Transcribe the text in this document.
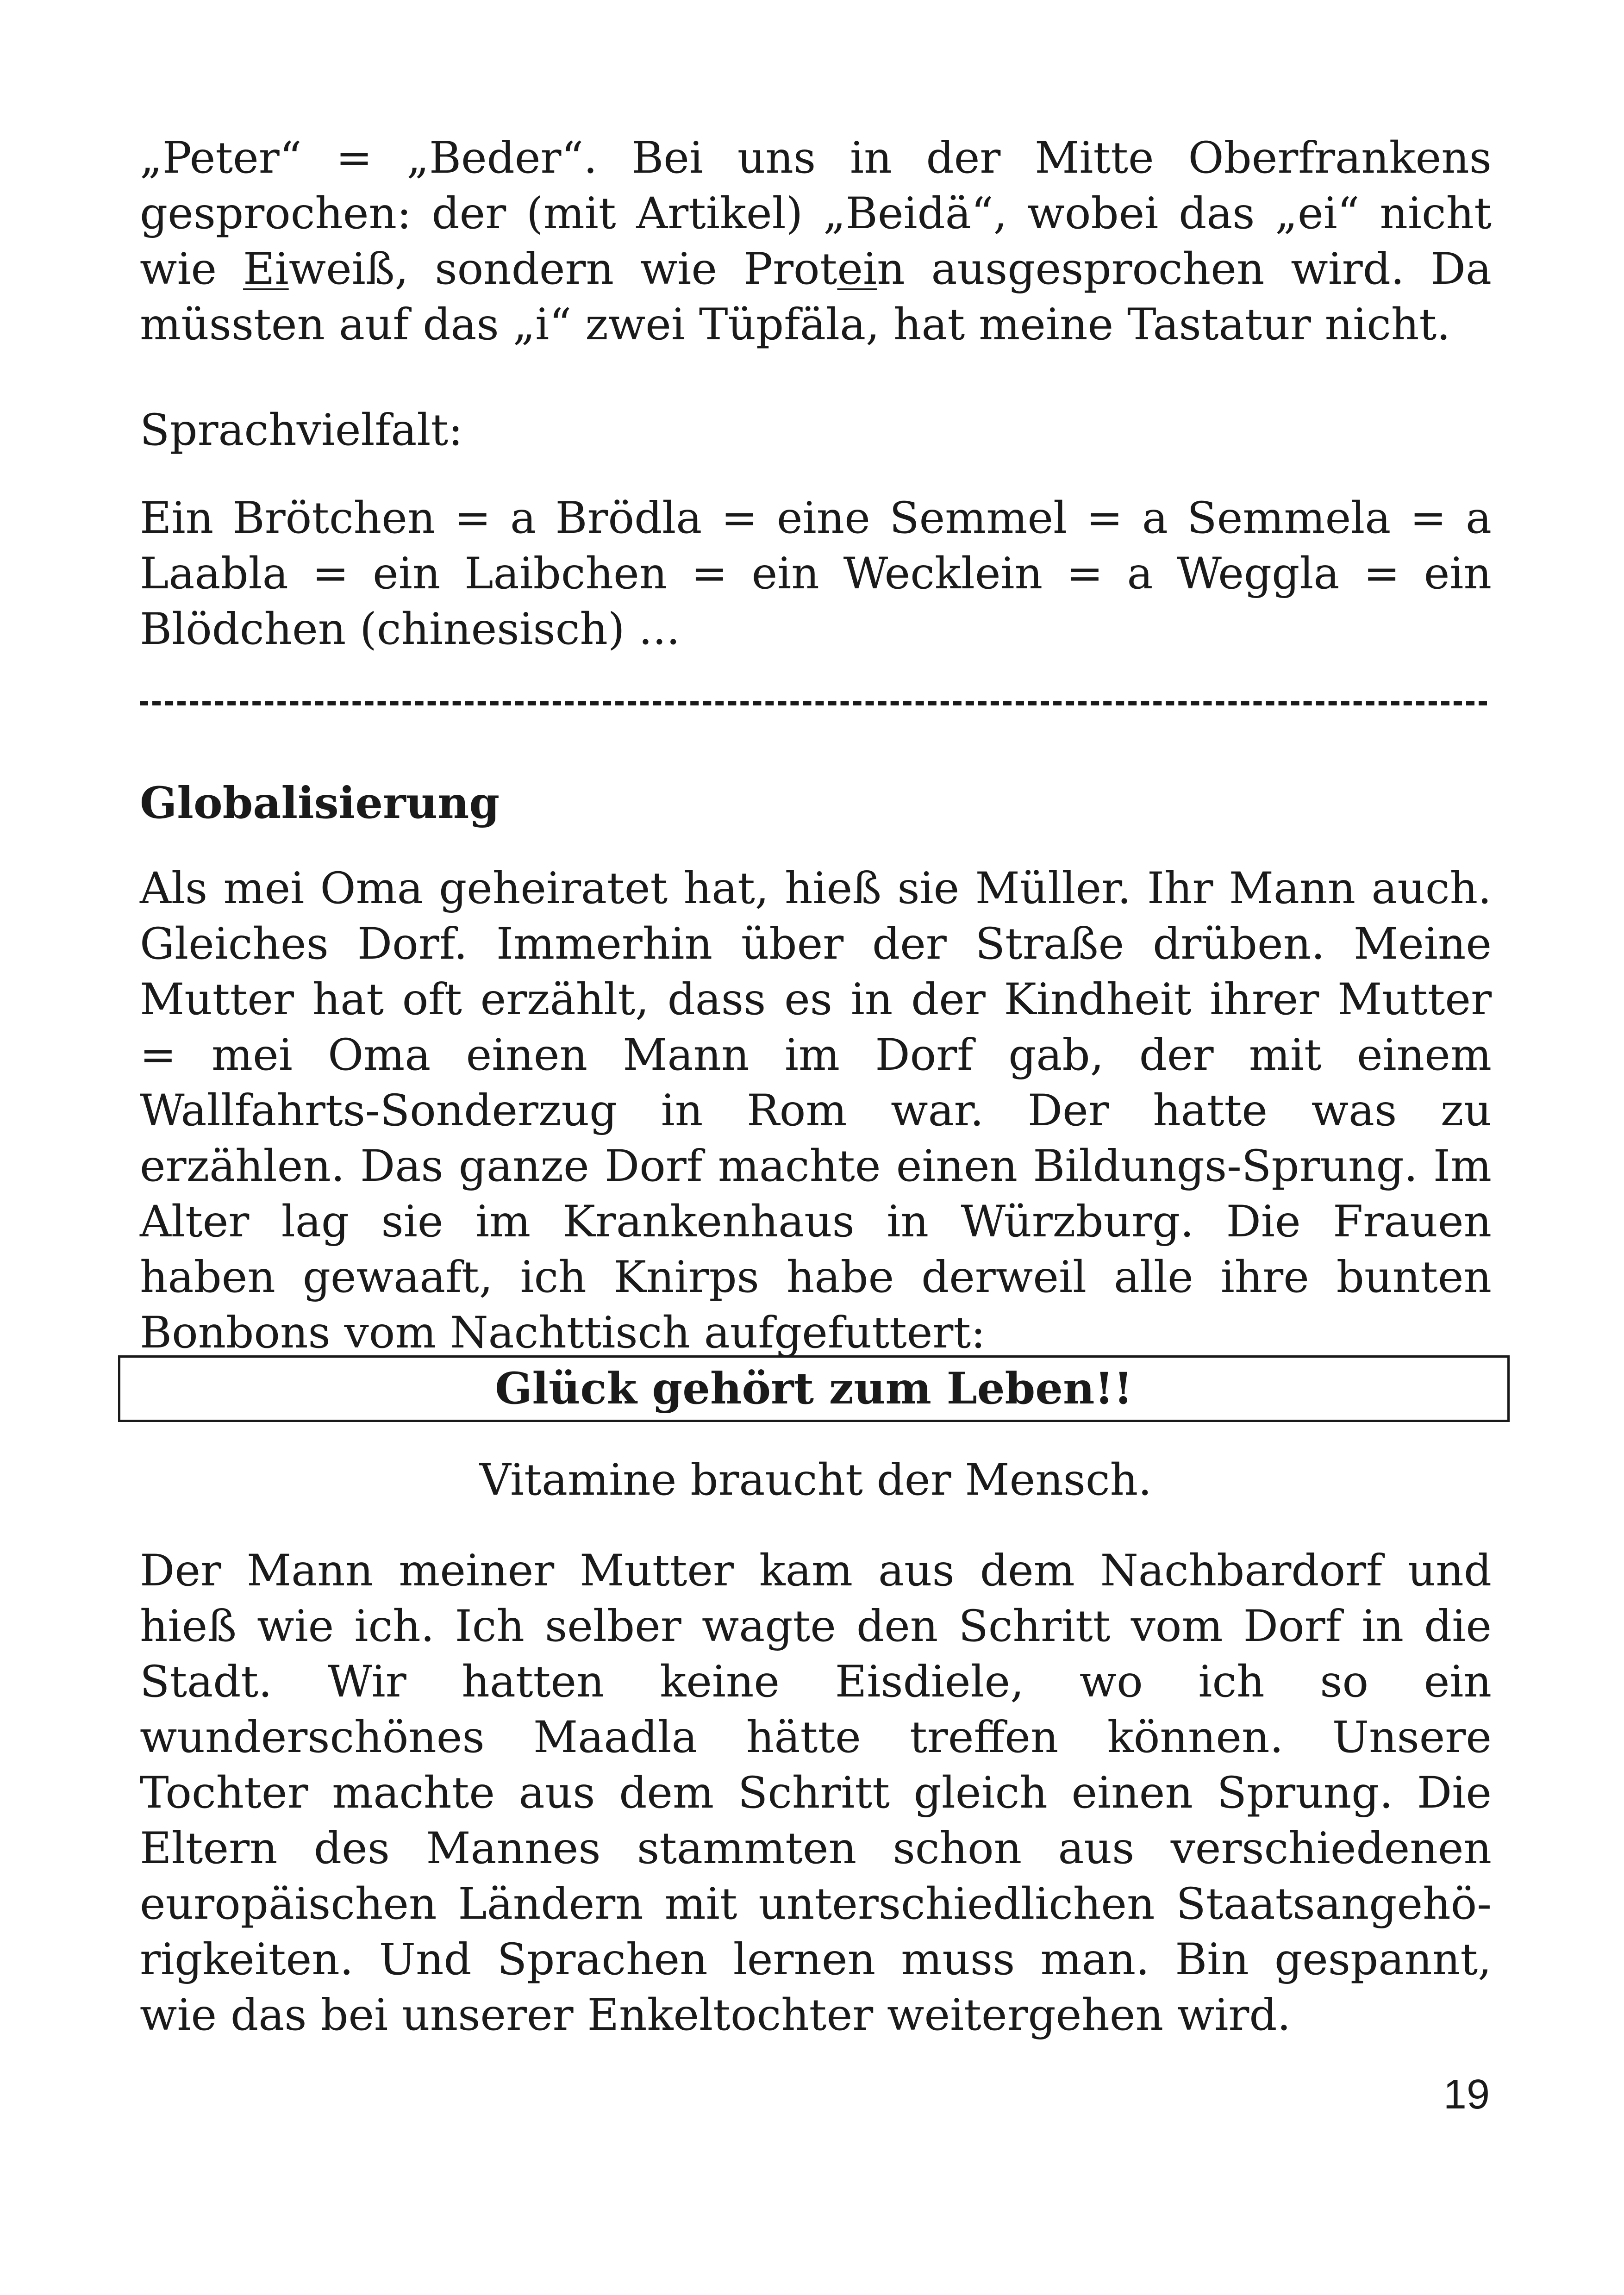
„Peter“ = „Beder“. Bei uns in der Mitte Oberfrankens gesprochen: der (mit Artikel) „Beidä“, wobei das „ei“ nicht wie Eiweiß, sondern wie Protein ausgesprochen wird. Da müssten auf das „i“ zwei Tüpfäla, hat meine Tastatur nicht.

Sprachvielfalt:

Ein Brötchen = a Brödla = eine Semmel = a Semmela = a Laabla = ein Laibchen = ein Wecklein = a Weggla = ein Blödchen (chinesisch) ...

Globalisierung

Als mei Oma geheiratet hat, hieß sie Müller. Ihr Mann auch. Gleiches Dorf. Immerhin über der Straße drüben. Meine Mutter hat oft erzählt, dass es in der Kindheit ihrer Mutter = mei Oma einen Mann im Dorf gab, der mit einem Wallfahrts-Sonderzug in Rom war. Der hatte was zu erzählen. Das ganze Dorf machte einen Bildungs-Sprung. Im Alter lag sie im Krankenhaus in Würzburg. Die Frauen haben gewaaft, ich Knirps habe derweil alle ihre bunten Bonbons vom Nachttisch aufgefuttert:

Glück gehört zum Leben!!

Vitamine braucht der Mensch.

Der Mann meiner Mutter kam aus dem Nachbardorf und hieß wie ich. Ich selber wagte den Schritt vom Dorf in die Stadt. Wir hatten keine Eisdiele, wo ich so ein wunderschönes Maadla hätte treffen können. Unsere Tochter machte aus dem Schritt gleich einen Sprung. Die Eltern des Mannes stammten schon aus verschiedenen europäischen Ländern mit unterschiedlichen Staatsangehörigkeiten. Und Sprachen lernen muss man. Bin gespannt, wie das bei unserer Enkeltochter weitergehen wird.

19
